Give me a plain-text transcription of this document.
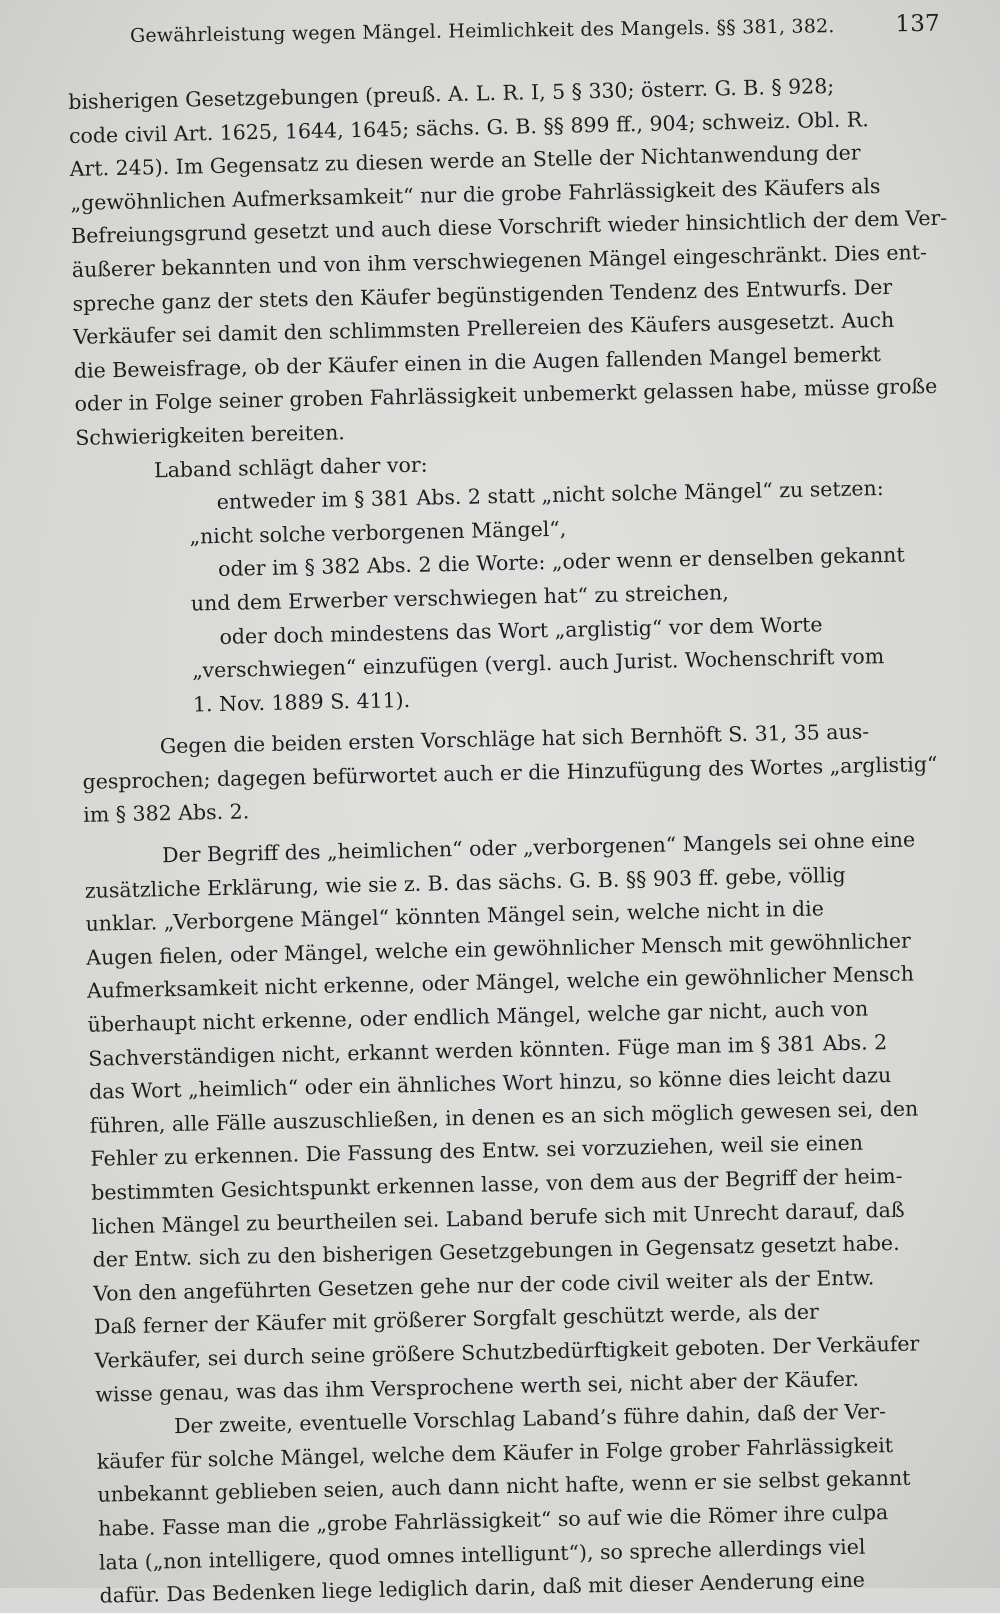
Gewährleistung wegen Mängel. Heimlichkeit des Mangels. §§ 381, 382.	137
bisherigen Gesetzgebungen (preuß. A. L. R. I, 5 § 330; österr. G. B. § 928;
code civil Art. 1625, 1644, 1645; sächs. G. B. §§ 899 ff., 904; schweiz. Obl. R.
Art. 245). Im Gegensatz zu diesen werde an Stelle der Nichtanwendung der
„gewöhnlichen Aufmerksamkeit“ nur die grobe Fahrlässigkeit des Käufers als
Befreiungsgrund gesetzt und auch diese Vorschrift wieder hinsichtlich der dem Ver-
äußerer bekannten und von ihm verschwiegenen Mängel eingeschränkt. Dies ent-
spreche ganz der stets den Käufer begünstigenden Tendenz des Entwurfs. Der
Verkäufer sei damit den schlimmsten Prellereien des Käufers ausgesetzt. Auch
die Beweisfrage, ob der Käufer einen in die Augen fallenden Mangel bemerkt
oder in Folge seiner groben Fahrlässigkeit unbemerkt gelassen habe, müsse große
Schwierigkeiten bereiten.
Laband schlägt daher vor:
entweder im § 381 Abs. 2 statt „nicht solche Mängel“ zu setzen:
„nicht solche verborgenen Mängel“,
oder im § 382 Abs. 2 die Worte: „oder wenn er denselben gekannt
und dem Erwerber verschwiegen hat“ zu streichen,
oder doch mindestens das Wort „arglistig“ vor dem Worte
„verschwiegen“ einzufügen (vergl. auch Jurist. Wochenschrift vom
1. Nov. 1889 S. 411).
Gegen die beiden ersten Vorschläge hat sich Bernhöft S. 31, 35 aus-
gesprochen; dagegen befürwortet auch er die Hinzufügung des Wortes „arglistig“
im § 382 Abs. 2.
Der Begriff des „heimlichen“ oder „verborgenen“ Mangels sei ohne eine
zusätzliche Erklärung, wie sie z. B. das sächs. G. B. §§ 903 ff. gebe, völlig
unklar. „Verborgene Mängel“ könnten Mängel sein, welche nicht in die
Augen fielen, oder Mängel, welche ein gewöhnlicher Mensch mit gewöhnlicher
Aufmerksamkeit nicht erkenne, oder Mängel, welche ein gewöhnlicher Mensch
überhaupt nicht erkenne, oder endlich Mängel, welche gar nicht, auch von
Sachverständigen nicht, erkannt werden könnten. Füge man im § 381 Abs. 2
das Wort „heimlich“ oder ein ähnliches Wort hinzu, so könne dies leicht dazu
führen, alle Fälle auszuschließen, in denen es an sich möglich gewesen sei, den
Fehler zu erkennen. Die Fassung des Entw. sei vorzuziehen, weil sie einen
bestimmten Gesichtspunkt erkennen lasse, von dem aus der Begriff der heim-
lichen Mängel zu beurtheilen sei. Laband berufe sich mit Unrecht darauf, daß
der Entw. sich zu den bisherigen Gesetzgebungen in Gegensatz gesetzt habe.
Von den angeführten Gesetzen gehe nur der code civil weiter als der Entw.
Daß ferner der Käufer mit größerer Sorgfalt geschützt werde, als der
Verkäufer, sei durch seine größere Schutzbedürftigkeit geboten. Der Verkäufer
wisse genau, was das ihm Versprochene werth sei, nicht aber der Käufer.
Der zweite, eventuelle Vorschlag Laband’s führe dahin, daß der Ver-
käufer für solche Mängel, welche dem Käufer in Folge grober Fahrlässigkeit
unbekannt geblieben seien, auch dann nicht hafte, wenn er sie selbst gekannt
habe. Fasse man die „grobe Fahrlässigkeit“ so auf wie die Römer ihre culpa
lata („non intelligere, quod omnes intelligunt“), so spreche allerdings viel
dafür. Das Bedenken liege lediglich darin, daß mit dieser Aenderung eine
